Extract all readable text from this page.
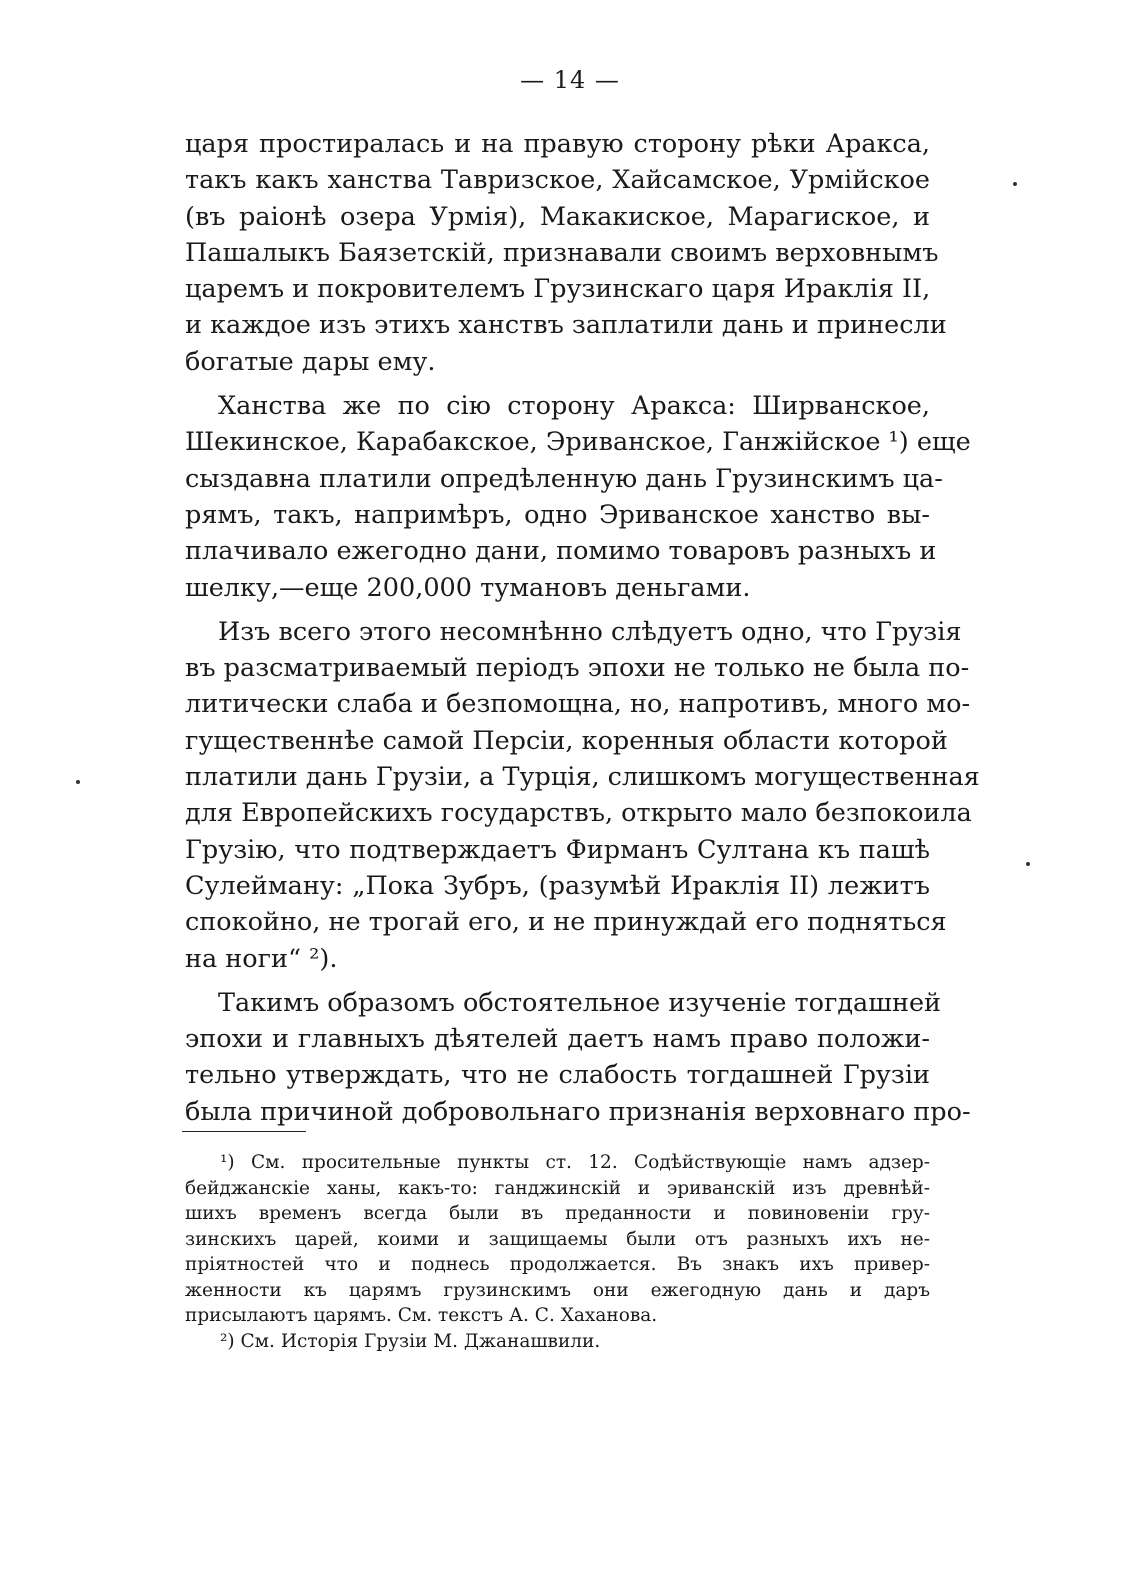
— 14 —
царя простиралась и на правую сторону рѣки Аракса,
такъ какъ ханства Тавризское, Хайсамское, Урмійское
(въ раіонѣ озера Урмія), Макакиское, Марагиское, и
Пашалыкъ Баязетскій, признавали своимъ верховнымъ
царемъ и покровителемъ Грузинскаго царя Ираклія II,
и каждое изъ этихъ ханствъ заплатили дань и принесли
богатые дары ему.
Ханства же по сію сторону Аракса: Ширванское,
Шекинское, Карабакское, Эриванское, Ганжійское ¹) еще
сыздавна платили опредѣленную дань Грузинскимъ ца-
рямъ, такъ, напримѣръ, одно Эриванское ханство вы-
плачивало ежегодно дани, помимо товаровъ разныхъ и
шелку,—еще 200,000 тумановъ деньгами.
Изъ всего этого несомнѣнно слѣдуетъ одно, что Грузія
въ разсматриваемый періодъ эпохи не только не была по-
литически слаба и безпомощна, но, напротивъ, много мо-
гущественнѣе самой Персіи, коренныя области которой
платили дань Грузіи, а Турція, слишкомъ могущественная
для Европейскихъ государствъ, открыто мало безпокоила
Грузію, что подтверждаетъ Фирманъ Султана къ пашѣ
Сулейману: „Пока Зубръ, (разумѣй Ираклія II) лежитъ
спокойно, не трогай его, и не принуждай его подняться
на ноги“ ²).
Такимъ образомъ обстоятельное изученіе тогдашней
эпохи и главныхъ дѣятелей даетъ намъ право положи-
тельно утверждать, что не слабость тогдашней Грузіи
была причиной добровольнаго признанія верховнаго про-
¹) См. просительные пункты ст. 12. Содѣйствующіе намъ адзер-
бейджанскіе ханы, какъ-то: ганджинскій и эриванскій изъ древнѣй-
шихъ временъ всегда были въ преданности и повиновеніи гру-
зинскихъ царей, коими и защищаемы были отъ разныхъ ихъ не-
пріятностей что и поднесь продолжается. Въ знакъ ихъ привер-
женности къ царямъ грузинскимъ они ежегодную дань и даръ
присылаютъ царямъ. См. текстъ А. С. Хаханова.
²) См. Исторія Грузіи М. Джанашвили.
